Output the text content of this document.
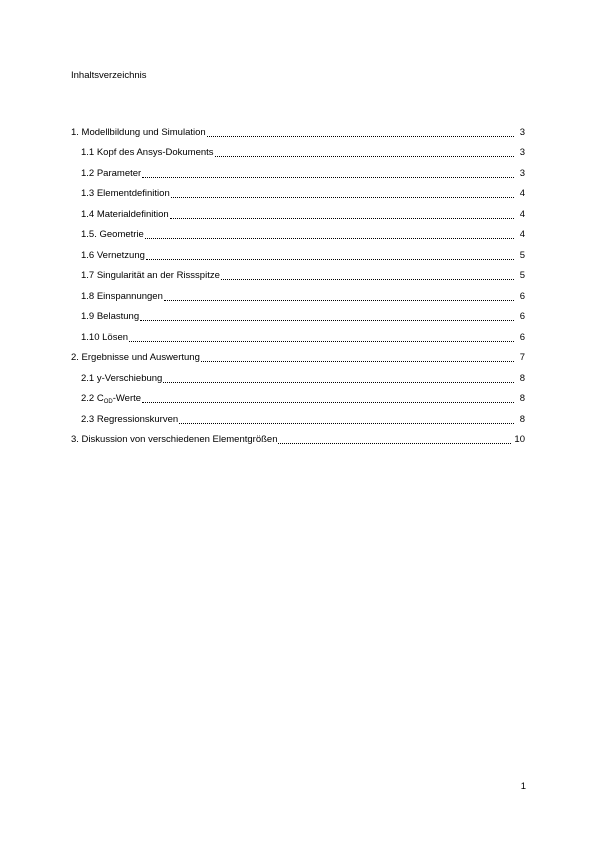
Inhaltsverzeichnis
1. Modellbildung und Simulation	3
1.1 Kopf des Ansys-Dokuments	3
1.2 Parameter	3
1.3 Elementdefinition	4
1.4 Materialdefinition	4
1.5. Geometrie	4
1.6 Vernetzung	5
1.7 Singularität an der Rissspitze	5
1.8 Einspannungen	6
1.9 Belastung	6
1.10 Lösen	6
2. Ergebnisse und Auswertung	7
2.1 y-Verschiebung	8
2.2 $C_{OD}$-Werte	8
2.3 Regressionskurven	8
3. Diskussion von verschiedenen Elementgrößen	10
1
